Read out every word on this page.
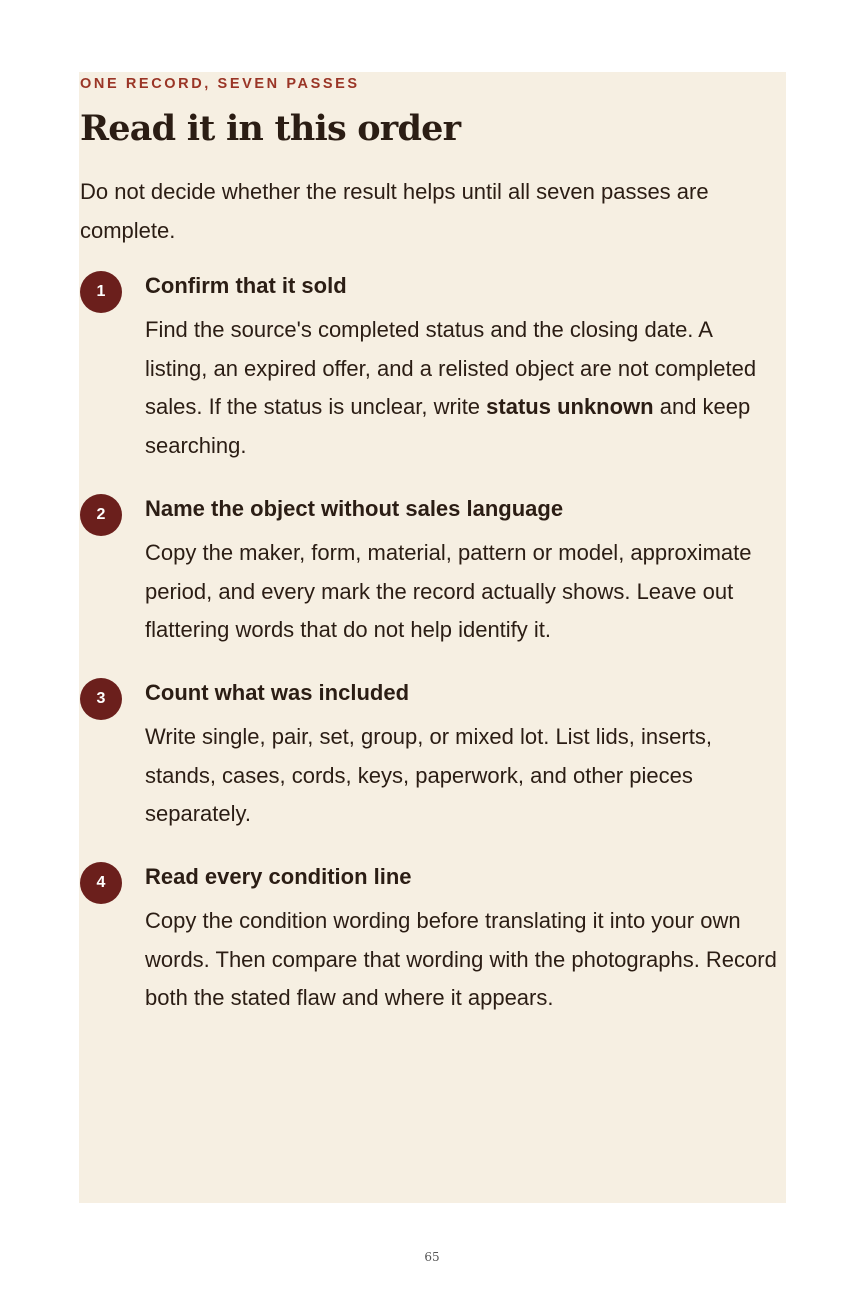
ONE RECORD, SEVEN PASSES
Read it in this order

Do not decide whether the result helps until all seven passes are complete.

1	Confirm that it sold

Find the source's completed status and the closing date. A listing, an expired offer, and a relisted object are not completed sales. If the status is unclear, write status unknown and keep searching.

2	Name the object without sales language

Copy the maker, form, material, pattern or model, approximate period, and every mark the record actually shows. Leave out flattering words that do not help identify it.

3	Count what was included

Write single, pair, set, group, or mixed lot. List lids, inserts, stands, cases, cords, keys, paperwork, and other pieces separately.

4	Read every condition line

Copy the condition wording before translating it into your own words. Then compare that wording with the photographs. Record both the stated flaw and where it appears.

65
